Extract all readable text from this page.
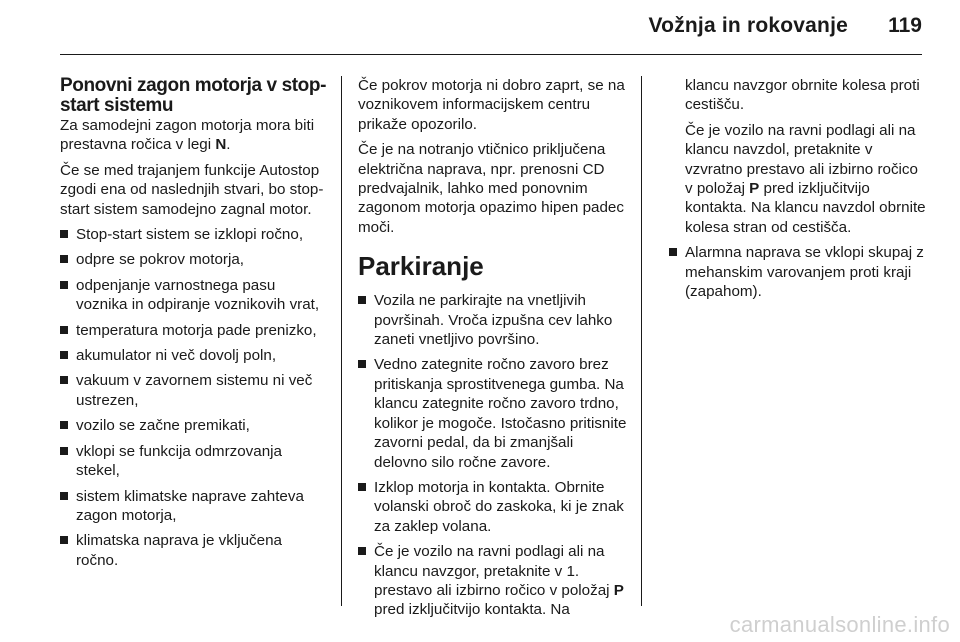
Vožnja in rokovanje 119
Ponovni zagon motorja v stop-start sistemu

Za samodejni zagon motorja mora biti prestavna ročica v legi N.

Če se med trajanjem funkcije Autostop zgodi ena od naslednjih stvari, bo stop-start sistem samodejno zagnal motor.

Stop-start sistem se izklopi ročno,
odpre se pokrov motorja,
odpenjanje varnostnega pasu voznika in odpiranje voznikovih vrat,
temperatura motorja pade prenizko,
akumulator ni več dovolj poln,
vakuum v zavornem sistemu ni več ustrezen,
vozilo se začne premikati,
vklopi se funkcija odmrzovanja stekel,
sistem klimatske naprave zahteva zagon motorja,
klimatska naprava je vključena ročno.

Če pokrov motorja ni dobro zaprt, se na voznikovem informacijskem centru prikaže opozorilo.

Če je na notranjo vtičnico priključena električna naprava, npr. prenosni CD predvajalnik, lahko med ponovnim zagonom motorja opazimo hipen padec moči.

Parkiranje
Vozila ne parkirajte na vnetljivih površinah. Vroča izpušna cev lahko zaneti vnetljivo površino.
Vedno zategnite ročno zavoro brez pritiskanja sprostitvenega gumba. Na klancu zategnite ročno zavoro trdno, kolikor je mogoče. Istočasno pritisnite zavorni pedal, da bi zmanjšali delovno silo ročne zavore.
Izklop motorja in kontakta. Obrnite volanski obroč do zaskoka, ki je znak za zaklep volana.
Če je vozilo na ravni podlagi ali na klancu navzgor, pretaknite v 1. prestavo ali izbirno ročico v položaj P pred izključitvijo kontakta. Na

klancu navzgor obrnite kolesa proti cestišču.

Če je vozilo na ravni podlagi ali na klancu navzdol, pretaknite v vzvratno prestavo ali izbirno ročico v položaj P pred izključitvijo kontakta. Na klancu navzdol obrnite kolesa stran od cestišča.

Alarmna naprava se vklopi skupaj z mehanskim varovanjem proti kraji (zapahom).
carmanualsonline.info
